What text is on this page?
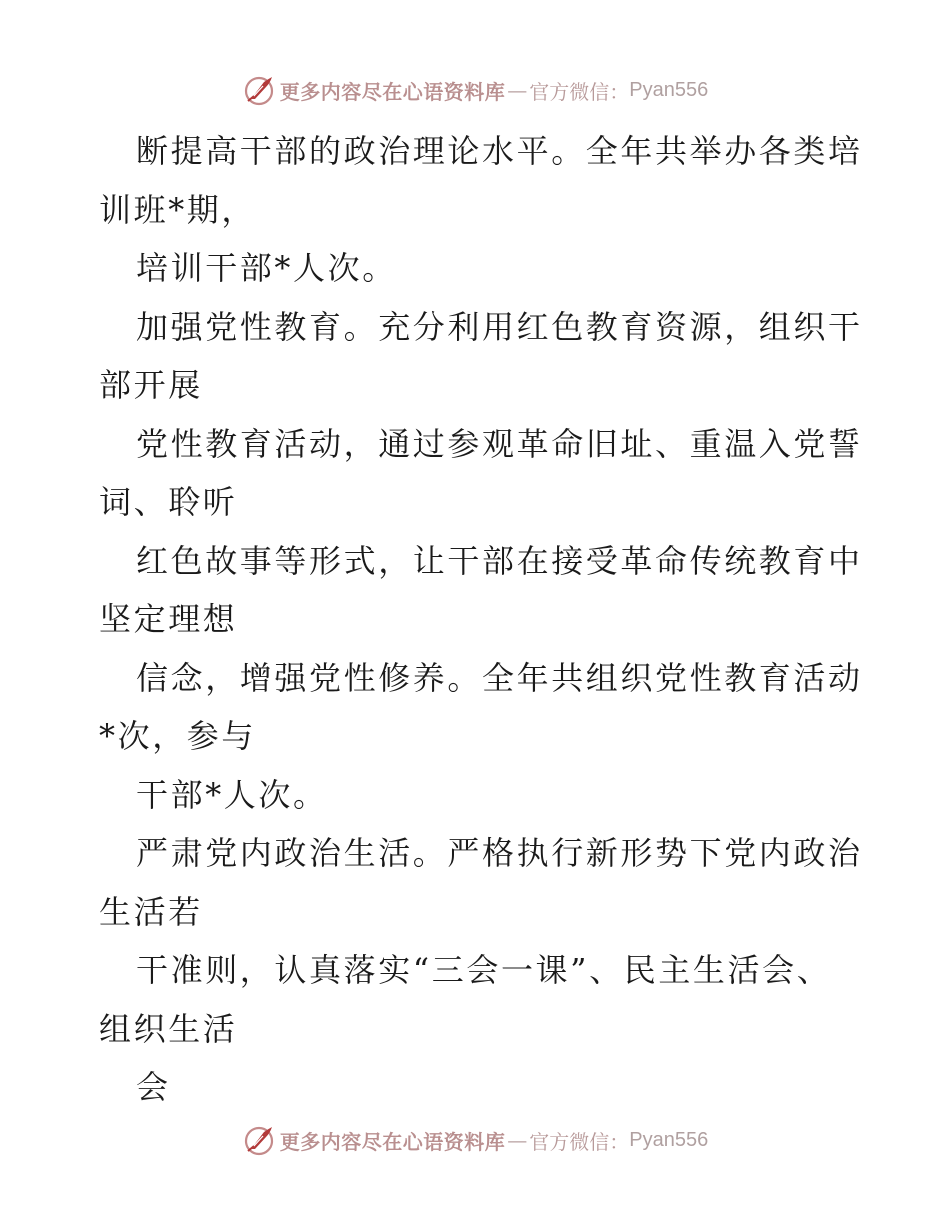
更多内容尽在心语资料库 — 官方微信： Pyan556
断提高干部的政治理论水平。全年共举办各类培
训班*期，
培训干部*人次。
加强党性教育。充分利用红色教育资源，组织干
部开展
党性教育活动，通过参观革命旧址、重温入党誓
词、聆听
红色故事等形式，让干部在接受革命传统教育中
坚定理想
信念，增强党性修养。全年共组织党性教育活动
*次，参与
干部*人次。
严肃党内政治生活。严格执行新形势下党内政治
生活若
干准则，认真落实“三会一课”、民主生活会、
组织生活
会
更多内容尽在心语资料库 — 官方微信： Pyan556
